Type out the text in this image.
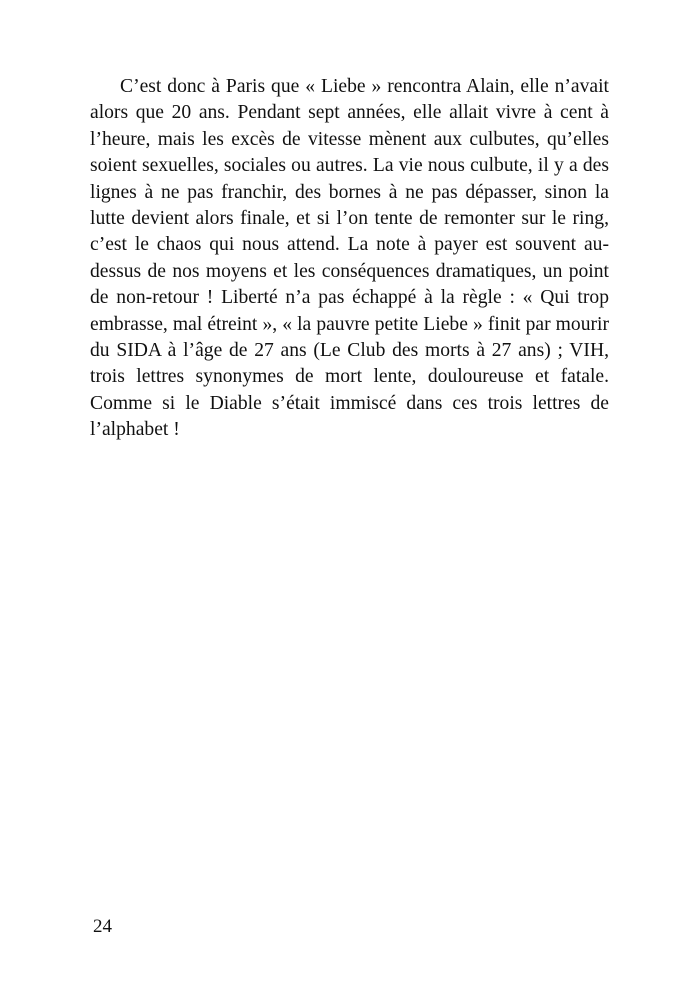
C’est donc à Paris que « Liebe » rencontra Alain, elle n’avait alors que 20 ans. Pendant sept années, elle allait vivre à cent à l’heure, mais les excès de vitesse mènent aux culbutes, qu’elles soient sexuelles, sociales ou autres. La vie nous culbute, il y a des lignes à ne pas franchir, des bornes à ne pas dépasser, sinon la lutte devient alors finale, et si l’on tente de remonter sur le ring, c’est le chaos qui nous attend. La note à payer est souvent au-dessus de nos moyens et les conséquences dramatiques, un point de non-retour ! Liberté n’a pas échappé à la règle : « Qui trop embrasse, mal étreint », « la pauvre petite Liebe » finit par mourir du SIDA à l’âge de 27 ans (Le Club des morts à 27 ans) ; VIH, trois lettres synonymes de mort lente, douloureuse et fatale. Comme si le Diable s’était immiscé dans ces trois lettres de l’alphabet !

24
